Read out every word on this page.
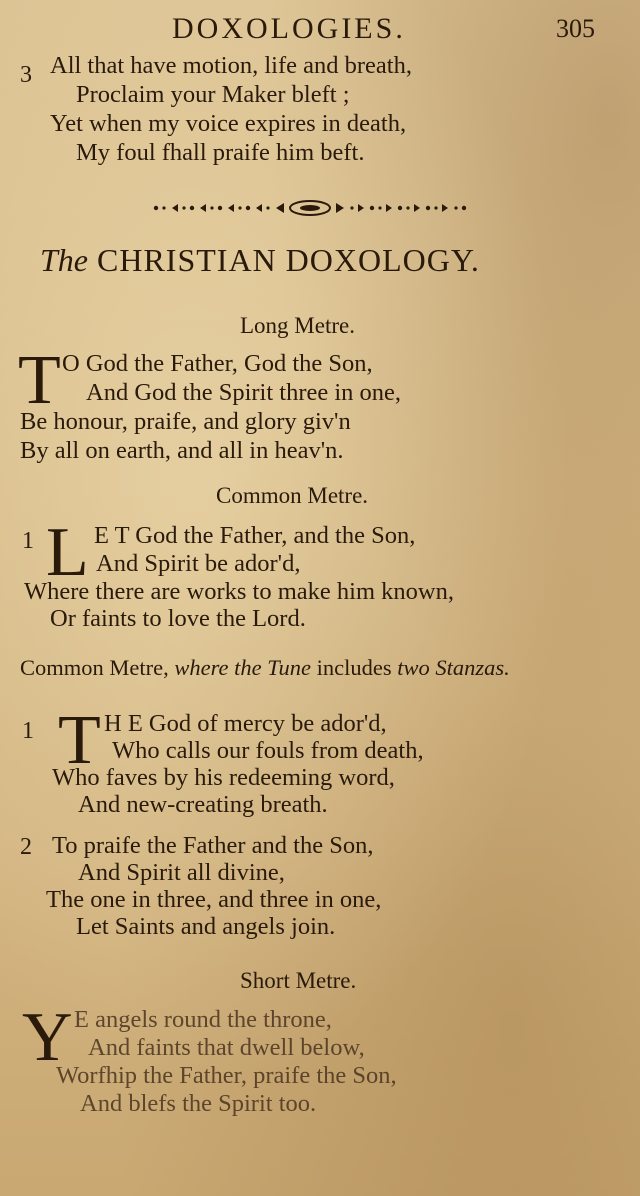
DOXOLOGIES.	305
3 All that have motion, life and breath,
Proclaim your Maker bleft ;
Yet when my voice expires in death,
My foul fhall praife him beft.
The CHRISTIAN DOXOLOGY.
Long Metre.
T O God the Father, God the Son,
And God the Spirit three in one,
Be honour, praife, and glory giv'n
By all on earth, and all in heav'n.
Common Metre.
1 L E T God the Father, and the Son,
And Spirit be ador'd,
Where there are works to make him known,
Or faints to love the Lord.
Common Metre, where the Tune includes two Stanzas.
1 T H E God of mercy be ador'd,
Who calls our fouls from death,
Who faves by his redeeming word,
And new-creating breath.
2 To praife the Father and the Son,
And Spirit all divine,
The one in three, and three in one,
Let Saints and angels join.
Short Metre.
Y E angels round the throne,
And faints that dwell below,
Worfhip the Father, praife the Son,
And blefs the Spirit too.
